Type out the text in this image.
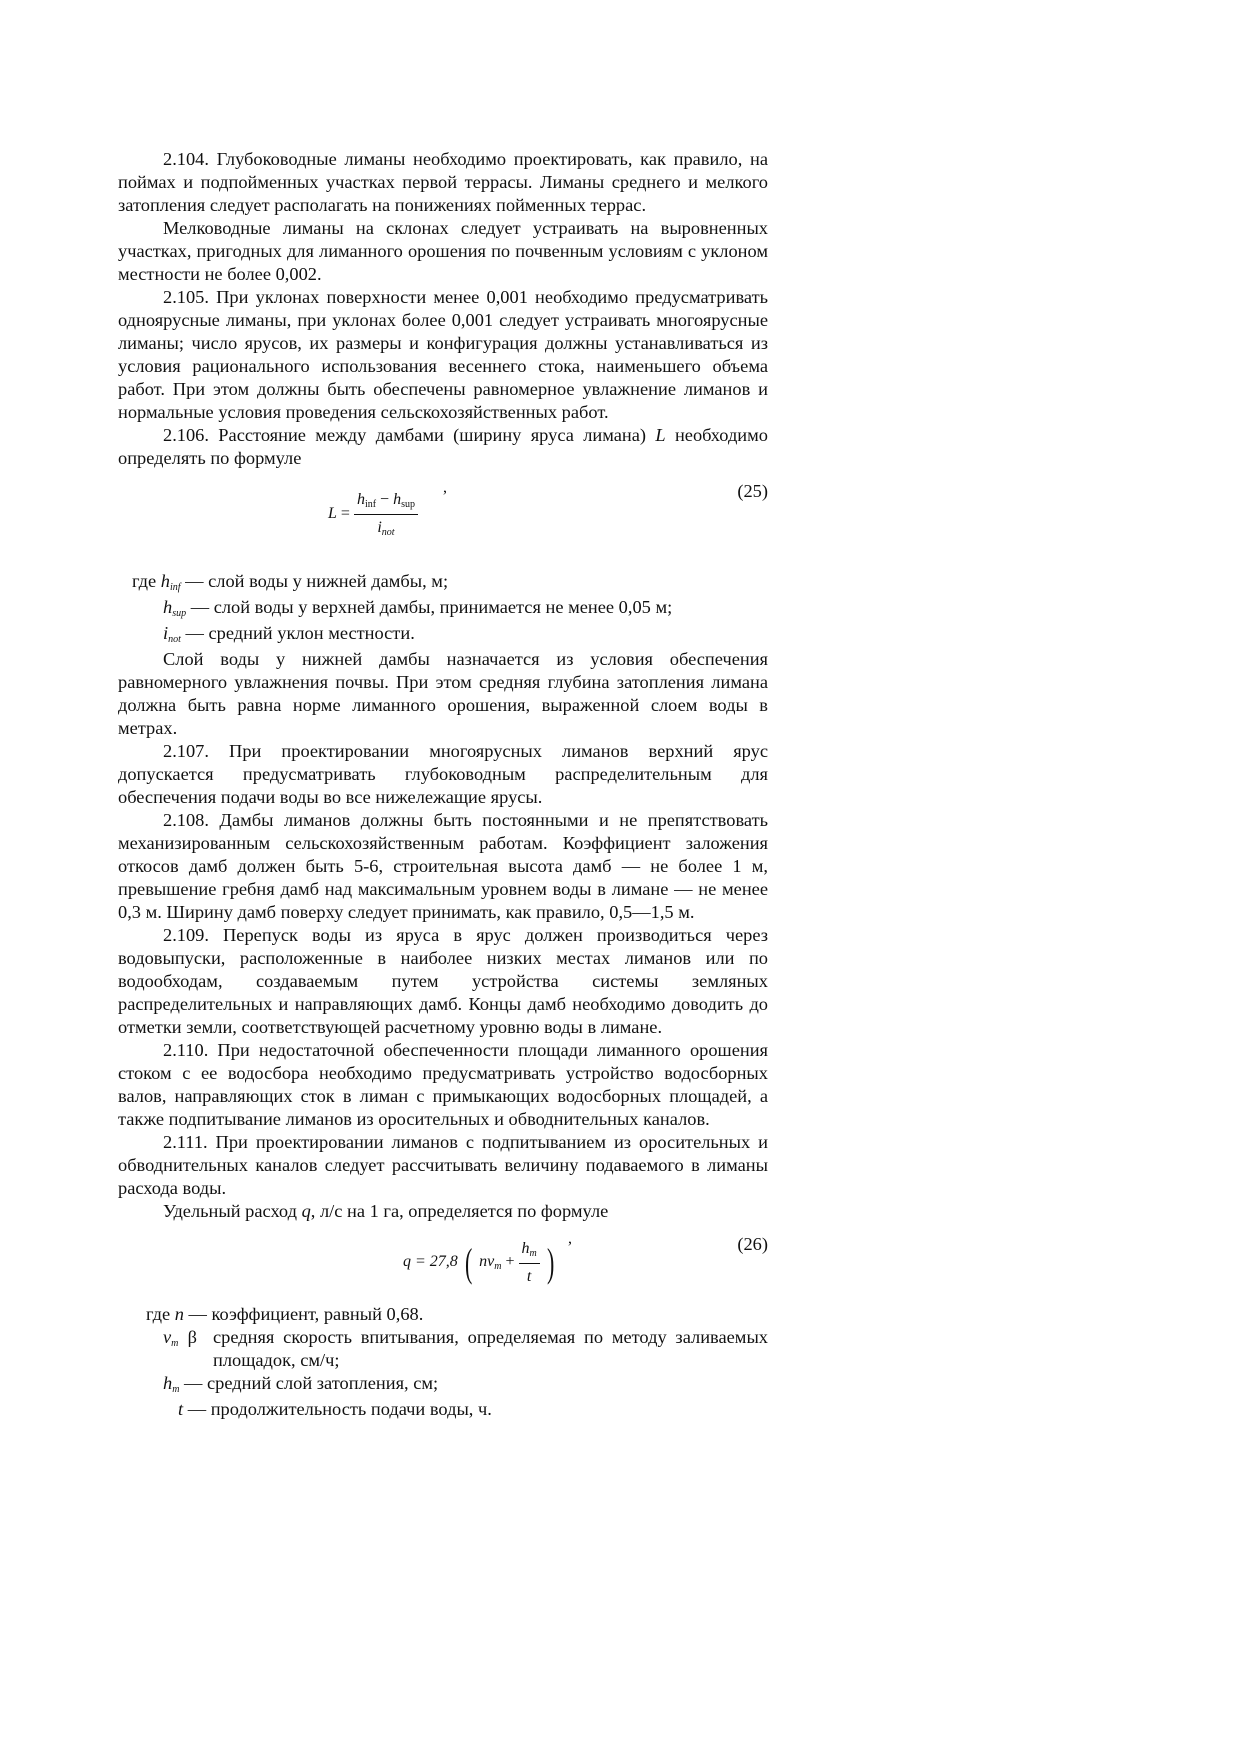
2.104. Глубоководные лиманы необходимо проектировать, как правило, на поймах и подпойменных участках первой террасы. Лиманы среднего и мелкого затопления следует располагать на понижениях пойменных террас.

Мелководные лиманы на склонах следует устраивать на выровненных участках, пригодных для лиманного орошения по почвенным условиям с уклоном местности не более 0,002.

2.105. При уклонах поверхности менее 0,001 необходимо предусматривать одноярусные лиманы, при уклонах более 0,001 следует устраивать многоярусные лиманы; число ярусов, их размеры и конфигурация должны устанавливаться из условия рационального использования весеннего стока, наименьшего объема работ. При этом должны быть обеспечены равномерное увлажнение лиманов и нормальные условия проведения сельскохозяйственных работ.

2.106. Расстояние между дамбами (ширину яруса лимана) L необходимо определять по формуле

,	(25)
$L = \frac{\text{hinf − hsup}}{\text{inot}}$

где hinf — слой воды у нижней дамбы, м;

hsup — слой воды у верхней дамбы, принимается не менее 0,05 м;

inot — средний уклон местности.

Слой воды у нижней дамбы назначается из условия обеспечения равномерного увлажнения почвы. При этом средняя глубина затопления лимана должна быть равна норме лиманного орошения, выраженной слоем воды в метрах.

2.107. При проектировании многоярусных лиманов верхний ярус допускается предусматривать глубоководным распределительным для обеспечения подачи воды во все нижележащие ярусы.

2.108. Дамбы лиманов должны быть постоянными и не препятствовать механизированным сельскохозяйственным работам. Коэффициент заложения откосов дамб должен быть 5-6, строительная высота дамб — не более 1 м, превышение гребня дамб над максимальным уровнем воды в лимане — не менее 0,3 м. Ширину дамб поверху следует принимать, как правило, 0,5—1,5 м.

2.109. Перепуск воды из яруса в ярус должен производиться через водовыпуски, расположенные в наиболее низких местах лиманов или по водообходам, создаваемым путем устройства системы земляных распределительных и направляющих дамб. Концы дамб необходимо доводить до отметки земли, соответствующей расчетному уровню воды в лимане.

2.110. При недостаточной обеспеченности площади лиманного орошения стоком с ее водосбора необходимо предусматривать устройство водосборных валов, направляющих сток в лиман с примыкающих водосборных площадей, а также подпитывание лиманов из оросительных и обводнительных каналов.

2.111. При проектировании лиманов с подпитыванием из оросительных и обводнительных каналов следует рассчитывать величину подаваемого в лиманы расхода воды.

Удельный расход q, л/с на 1 га, определяется по формуле

,	(26)
q = 27,8 ( nvm + $\frac{hm}{t}$ )

где n — коэффициент, равный 0,68.

vm β средняя скорость впитывания, определяемая по методу заливаемых площадок, см/ч;

hm — средний слой затопления, см;

t — продолжительность подачи воды, ч.
